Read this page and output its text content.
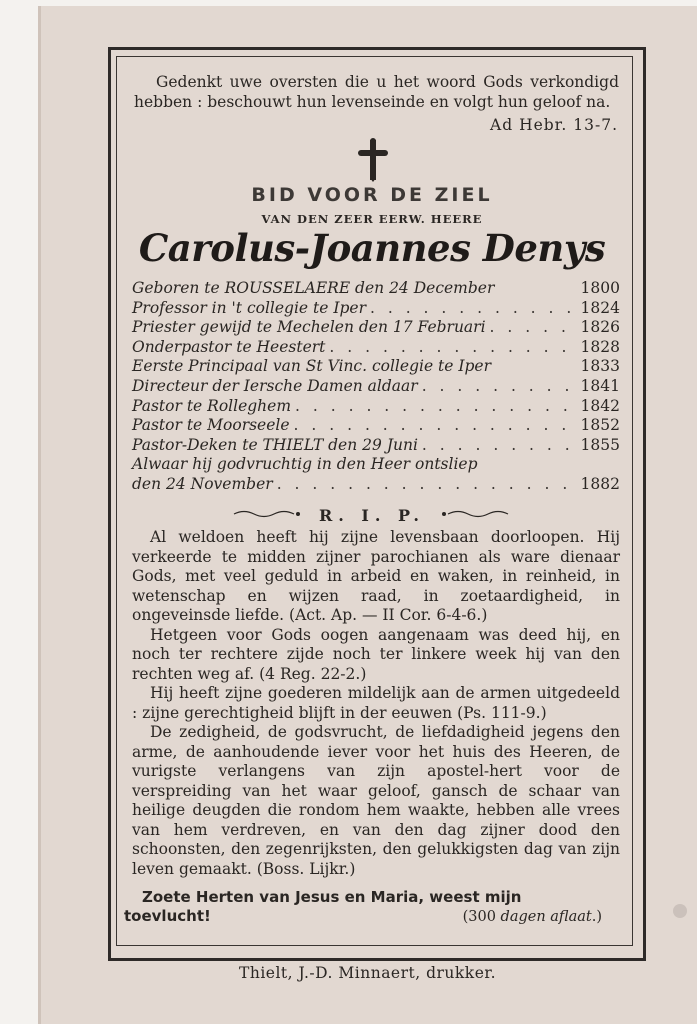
Gedenkt uwe oversten die u het woord Gods verkondigd hebben : beschouwt hun levenseinde en volgt hun geloof na.
Ad Hebr. 13-7.
BID VOOR DE ZIEL
VAN DEN ZEER EERW. HEERE
Carolus-Joannes Denys
Geboren te ROUSSELAERE den 24 December	1800
Professor in 't collegie te Iper . . .	1824
Priester gewijd te Mechelen den 17 Februari . . .	1826
Onderpastor te Heestert . . .	1828
Eerste Principaal van St Vinc. collegie te Iper	1833
Directeur der Iersche Damen aldaar . . .	1841
Pastor te Rolleghem . . .	1842
Pastor te Moorseele . . .	1852
Pastor-Deken te THIELT den 29 Juni . . .	1855
Alwaar hij godvruchtig in den Heer ontsliep
den 24 November . . .	1882
R. I. P.

Al weldoen heeft hij zijne levensbaan doorloopen. Hij verkeerde te midden zijner parochianen als ware dienaar Gods, met veel geduld in arbeid en waken, in reinheid, in wetenschap en wijzen raad, in zoetaardigheid, in ongeveinsde liefde. (Act. Ap. — II Cor. 6-4-6.)

Hetgeen voor Gods oogen aangenaam was deed hij, en noch ter rechtere zijde noch ter linkere week hij van den rechten weg af. (4 Reg. 22-2.)

Hij heeft zijne goederen mildelijk aan de armen uitgedeeld : zijne gerechtigheid blijft in der eeuwen (Ps. 111-9.)

De zedigheid, de godsvrucht, de liefdadigheid jegens den arme, de aanhoudende iever voor het huis des Heeren, de vurigste verlangens van zijn apostel-hert voor de verspreiding van het waar geloof, gansch de schaar van heilige deugden die rondom hem waakte, hebben alle vrees van hem verdreven, en van den dag zijner dood den schoonsten, den zegenrijksten, den gelukkigsten dag van zijn leven gemaakt. (Boss. Lijkr.)

Zoete Herten van Jesus en Maria, weest mijn toevlucht!	(300 dagen aflaat.)
Thielt, J.-D. Minnaert, drukker.
